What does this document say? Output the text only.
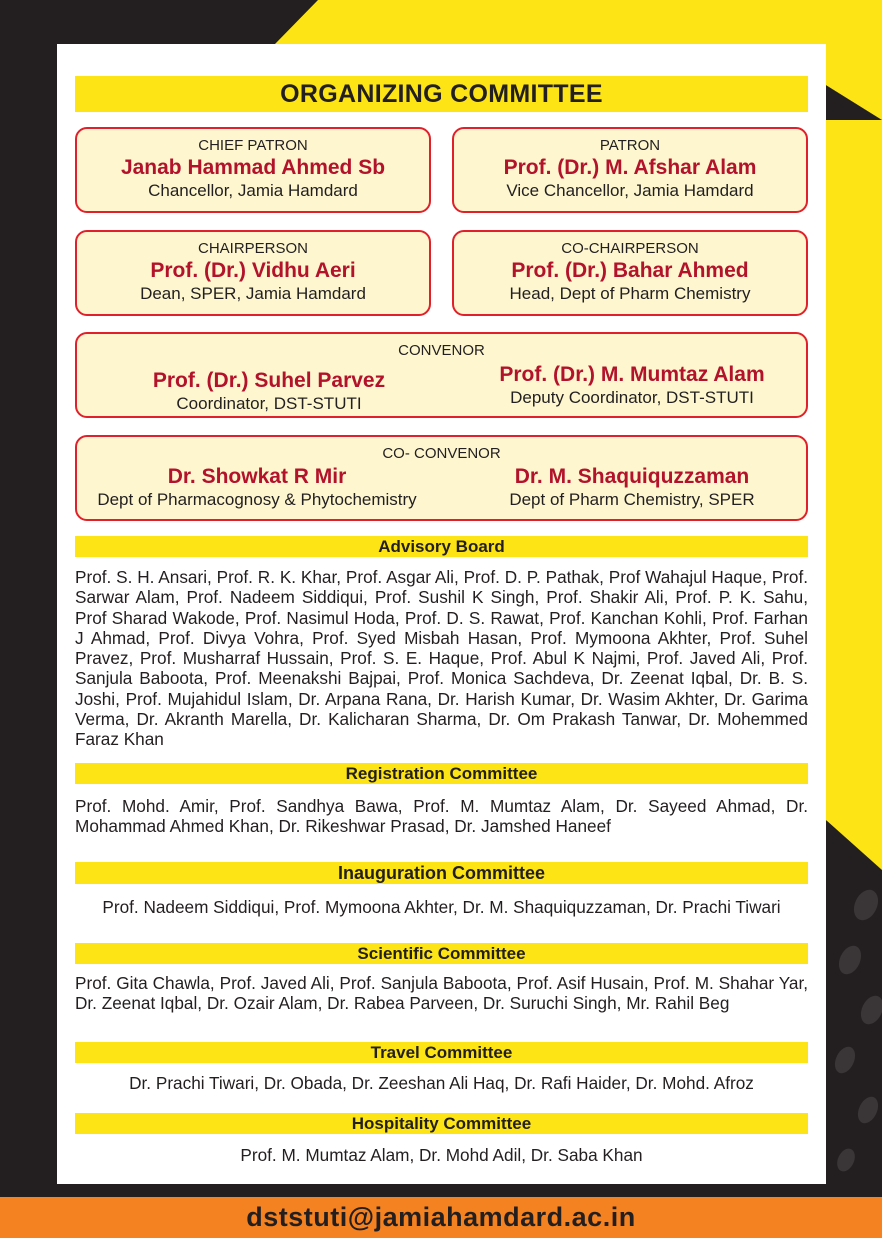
ORGANIZING COMMITTEE
CHIEF PATRON
Janab Hammad Ahmed Sb
Chancellor, Jamia Hamdard
PATRON
Prof. (Dr.) M. Afshar Alam
Vice Chancellor, Jamia Hamdard
CHAIRPERSON
Prof. (Dr.) Vidhu Aeri
Dean, SPER, Jamia Hamdard
CO-CHAIRPERSON
Prof. (Dr.) Bahar Ahmed
Head, Dept of Pharm Chemistry
CONVENOR
Prof. (Dr.) Suhel Parvez
Coordinator, DST-STUTI
Prof. (Dr.) M. Mumtaz Alam
Deputy Coordinator, DST-STUTI
CO- CONVENOR
Dr. Showkat R Mir
Dept of Pharmacognosy & Phytochemistry
Dr. M. Shaquiquzzaman
Dept of Pharm Chemistry, SPER
Advisory Board
Prof. S. H. Ansari, Prof. R. K. Khar, Prof. Asgar Ali, Prof. D. P. Pathak, Prof Wahajul Haque, Prof. Sarwar Alam, Prof. Nadeem Siddiqui, Prof. Sushil K Singh, Prof. Shakir Ali, Prof. P. K. Sahu, Prof Sharad Wakode, Prof. Nasimul Hoda, Prof. D. S. Rawat, Prof. Kanchan Kohli, Prof. Farhan J Ahmad, Prof. Divya Vohra, Prof. Syed Misbah Hasan, Prof. Mymoona Akhter, Prof. Suhel Pravez, Prof. Musharraf Hussain, Prof. S. E. Haque, Prof. Abul K Najmi, Prof. Javed Ali, Prof. Sanjula Baboota, Prof. Meenakshi Bajpai, Prof. Monica Sachdeva, Dr. Zeenat Iqbal, Dr. B. S. Joshi, Prof. Mujahidul Islam, Dr. Arpana Rana, Dr. Harish Kumar, Dr. Wasim Akhter, Dr. Garima Verma, Dr. Akranth Marella, Dr. Kalicharan Sharma, Dr. Om Prakash Tanwar, Dr. Mohemmed Faraz Khan
Registration Committee
Prof. Mohd. Amir, Prof. Sandhya Bawa, Prof. M. Mumtaz Alam, Dr. Sayeed Ahmad, Dr. Mohammad Ahmed Khan, Dr. Rikeshwar Prasad, Dr. Jamshed Haneef
Inauguration Committee
Prof. Nadeem Siddiqui, Prof. Mymoona Akhter, Dr. M. Shaquiquzzaman, Dr. Prachi Tiwari
Scientific Committee
Prof. Gita Chawla, Prof. Javed Ali, Prof. Sanjula Baboota, Prof. Asif Husain, Prof. M. Shahar Yar, Dr. Zeenat Iqbal, Dr. Ozair Alam, Dr. Rabea Parveen, Dr. Suruchi Singh, Mr. Rahil Beg
Travel Committee
Dr. Prachi Tiwari, Dr. Obada, Dr. Zeeshan Ali Haq, Dr. Rafi Haider, Dr. Mohd. Afroz
Hospitality Committee
Prof. M. Mumtaz Alam, Dr. Mohd Adil, Dr. Saba Khan
dststuti@jamiahamdard.ac.in
